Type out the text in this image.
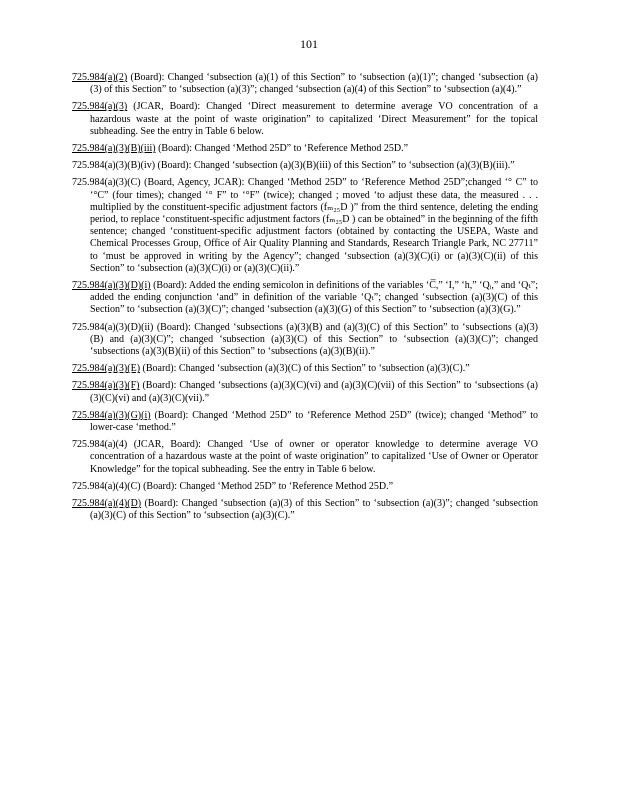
101

725.984(a)(2) (Board): Changed ‘subsection (a)(1) of this Section” to ‘subsection (a)(1)”; changed ‘subsection (a)(3) of this Section” to ‘subsection (a)(3)”; changed ‘subsection (a)(4) of this Section” to ‘subsection (a)(4).”

725.984(a)(3) (JCAR, Board): Changed ‘Direct measurement to determine average VO concentration of a hazardous waste at the point of waste origination” to capitalized ‘Direct Measurement” for the topical subheading. See the entry in Table 6 below.

725.984(a)(3)(B)(iii) (Board): Changed ‘Method 25D” to ‘Reference Method 25D.”

725.984(a)(3)(B)(iv) (Board): Changed ‘subsection (a)(3)(B)(iii) of this Section” to ‘subsection (a)(3)(B)(iii).”

725.984(a)(3)(C) (Board, Agency, JCAR): Changed ‘Method 25D” to ‘Reference Method 25D”;changed ‘° C” to ‘°C” (four times); changed ‘° F” to ‘°F” (twice); changed ; moved ‘to adjust these data, the measured . . . multiplied by the constituent-specific adjustment factors (fₘ₂₅D )” from the third sentence, deleting the ending period, to replace ‘constituent-specific adjustment factors (fₘ₂₅D ) can be obtained” in the beginning of the fifth sentence; changed ‘constituent-specific adjustment factors (obtained by contacting the USEPA, Waste and Chemical Processes Group, Office of Air Quality Planning and Standards, Research Triangle Park, NC 27711” to ‘must be approved in writing by the Agency”; changed ‘subsection (a)(3)(C)(i) or (a)(3)(C)(ii) of this Section” to ‘subsection (a)(3)(C)(i) or (a)(3)(C)(ii).”

725.984(a)(3)(D)(i) (Board): Added the ending semicolon in definitions of the variables ‘C̅,” ‘I,” ‘h,” ‘Qᵢ,” and ‘Qₜ”; added the ending conjunction ‘and” in definition of the variable ‘Qₜ”; changed ‘subsection (a)(3)(C) of this Section” to ‘subsection (a)(3)(C)”; changed ‘subsection (a)(3)(G) of this Section” to ‘subsection (a)(3)(G).”

725.984(a)(3)(D)(ii) (Board): Changed ‘subsections (a)(3)(B) and (a)(3)(C) of this Section” to ‘subsections (a)(3)(B) and (a)(3)(C)”; changed ‘subsection (a)(3)(C) of this Section” to ‘subsection (a)(3)(C)”; changed ‘subsections (a)(3)(B)(ii) of this Section” to ‘subsections (a)(3)(B)(ii).”

725.984(a)(3)(E) (Board): Changed ‘subsection (a)(3)(C) of this Section” to ‘subsection (a)(3)(C).”

725.984(a)(3)(F) (Board): Changed ‘subsections (a)(3)(C)(vi) and (a)(3)(C)(vii) of this Section” to ‘subsections (a)(3)(C)(vi) and (a)(3)(C)(vii).”

725.984(a)(3)(G)(i) (Board): Changed ‘Method 25D” to ‘Reference Method 25D” (twice); changed ‘Method” to lower-case ‘method.”

725.984(a)(4) (JCAR, Board): Changed ‘Use of owner or operator knowledge to determine average VO concentration of a hazardous waste at the point of waste origination” to capitalized ‘Use of Owner or Operator Knowledge” for the topical subheading. See the entry in Table 6 below.

725.984(a)(4)(C) (Board): Changed ‘Method 25D” to ‘Reference Method 25D.”

725.984(a)(4)(D) (Board): Changed ‘subsection (a)(3) of this Section” to ‘subsection (a)(3)”; changed ‘subsection (a)(3)(C) of this Section” to ‘subsection (a)(3)(C).”
